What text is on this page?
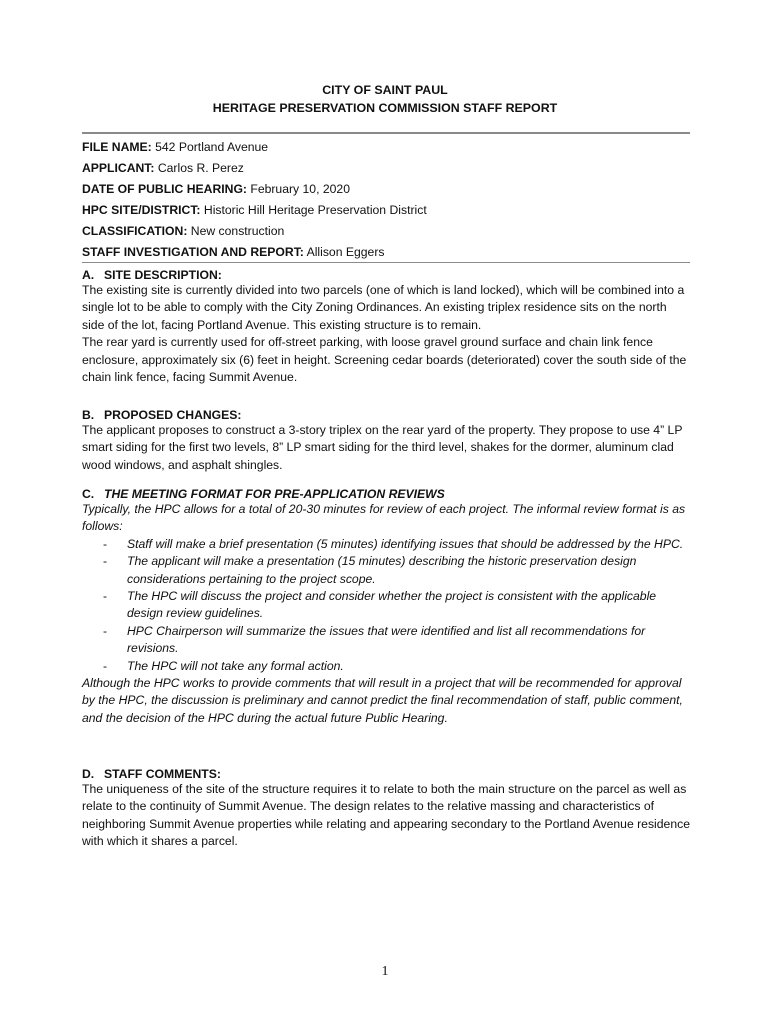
CITY OF SAINT PAUL
HERITAGE PRESERVATION COMMISSION STAFF REPORT
FILE NAME: 542 Portland Avenue
APPLICANT: Carlos R. Perez
DATE OF PUBLIC HEARING: February 10, 2020
HPC SITE/DISTRICT: Historic Hill Heritage Preservation District
CLASSIFICATION: New construction
STAFF INVESTIGATION AND REPORT: Allison Eggers
A. SITE DESCRIPTION:

The existing site is currently divided into two parcels (one of which is land locked), which will be combined into a single lot to be able to comply with the City Zoning Ordinances. An existing triplex residence sits on the north side of the lot, facing Portland Avenue. This existing structure is to remain.

The rear yard is currently used for off-street parking, with loose gravel ground surface and chain link fence enclosure, approximately six (6) feet in height. Screening cedar boards (deteriorated) cover the south side of the chain link fence, facing Summit Avenue.

B. PROPOSED CHANGES:

The applicant proposes to construct a 3-story triplex on the rear yard of the property. They propose to use 4” LP smart siding for the first two levels, 8” LP smart siding for the third level, shakes for the dormer, aluminum clad wood windows, and asphalt shingles.

C. THE MEETING FORMAT FOR PRE-APPLICATION REVIEWS

Typically, the HPC allows for a total of 20-30 minutes for review of each project. The informal review format is as follows:

- Staff will make a brief presentation (5 minutes) identifying issues that should be addressed by the HPC.
- The applicant will make a presentation (15 minutes) describing the historic preservation design considerations pertaining to the project scope.
- The HPC will discuss the project and consider whether the project is consistent with the applicable design review guidelines.
- HPC Chairperson will summarize the issues that were identified and list all recommendations for revisions.
- The HPC will not take any formal action.

Although the HPC works to provide comments that will result in a project that will be recommended for approval by the HPC, the discussion is preliminary and cannot predict the final recommendation of staff, public comment, and the decision of the HPC during the actual future Public Hearing.

D. STAFF COMMENTS:

The uniqueness of the site of the structure requires it to relate to both the main structure on the parcel as well as relate to the continuity of Summit Avenue. The design relates to the relative massing and characteristics of neighboring Summit Avenue properties while relating and appearing secondary to the Portland Avenue residence with which it shares a parcel.

1
